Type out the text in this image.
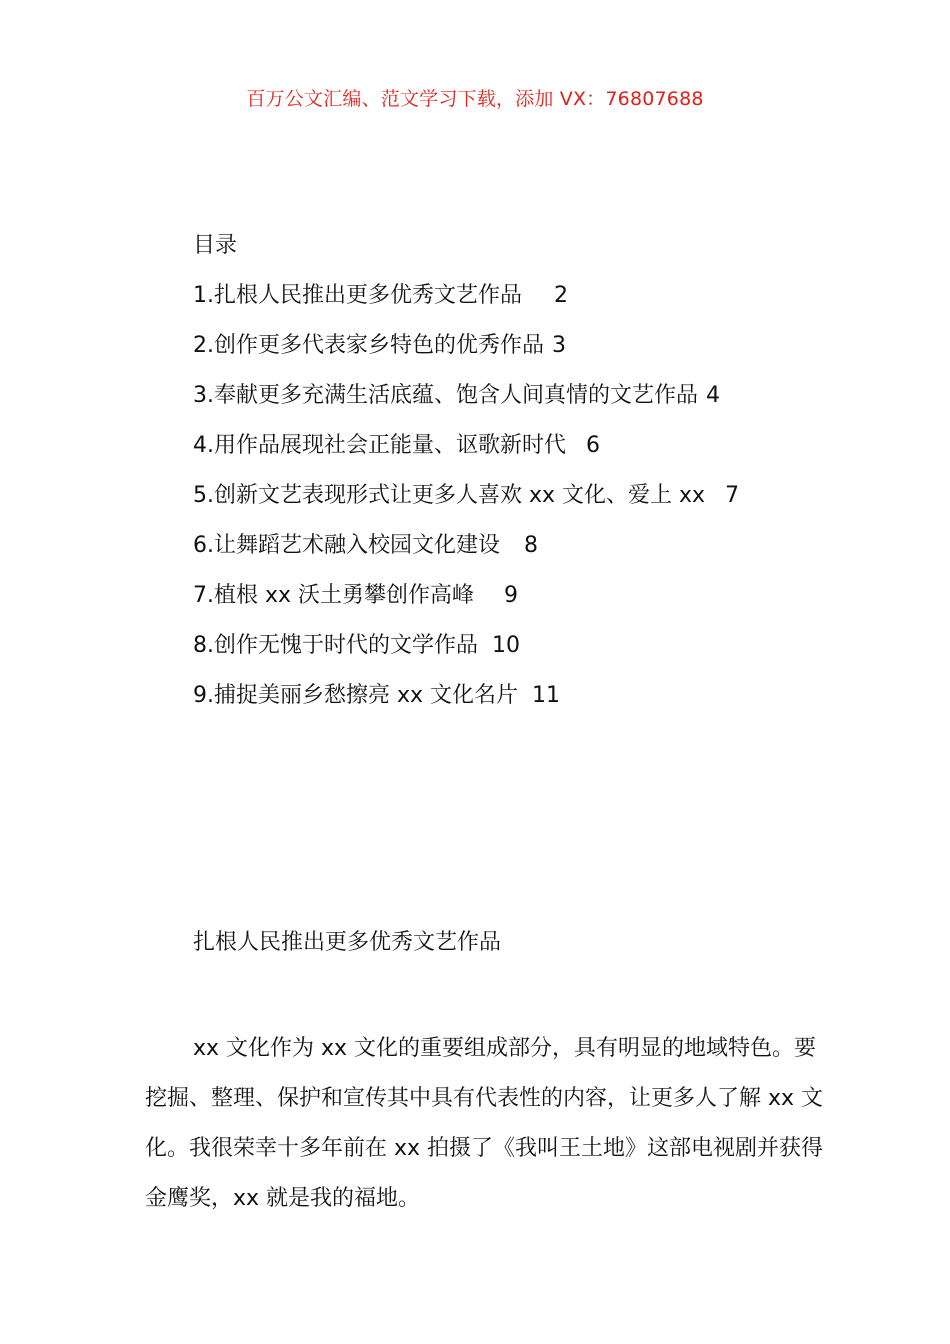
百万公文汇编、范文学习下载，添加 VX：76807688
目录
1.扎根人民推出更多优秀文艺作品 2
2.创作更多代表家乡特色的优秀作品 3
3.奉献更多充满生活底蕴、饱含人间真情的文艺作品 4
4.用作品展现社会正能量、讴歌新时代 6
5.创新文艺表现形式让更多人喜欢 xx 文化、爱上 xx 7
6.让舞蹈艺术融入校园文化建设 8
7.植根 xx 沃土勇攀创作高峰 9
8.创作无愧于时代的文学作品 10
9.捕捉美丽乡愁擦亮 xx 文化名片 11
扎根人民推出更多优秀文艺作品
xx 文化作为 xx 文化的重要组成部分，具有明显的地域特色。要挖掘、整理、保护和宣传其中具有代表性的内容，让更多人了解 xx 文化。我很荣幸十多年前在 xx 拍摄了《我叫王土地》这部电视剧并获得金鹰奖，xx 就是我的福地。
